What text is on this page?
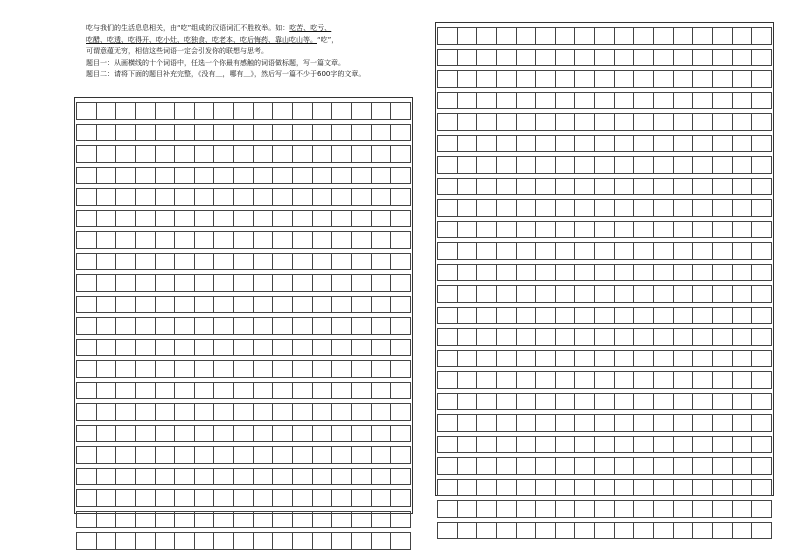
吃与我们的生活息息相关，由“吃”组成的汉语词汇不胜枚举。如：吃苦、吃亏、

吃醋、吃透、吃得开、吃小灶、吃独食、吃老本、吃后悔药、靠山吃山等。“吃”，

可谓意蕴无穷，相信这些词语一定会引发你的联想与思考。

题目一：从画横线的十个词语中，任选一个你最有感触的词语做标题，写一篇文章。

题目二：请将下面的题目补充完整，《没有＿，哪有＿》，然后写一篇不少于600字的文章。
